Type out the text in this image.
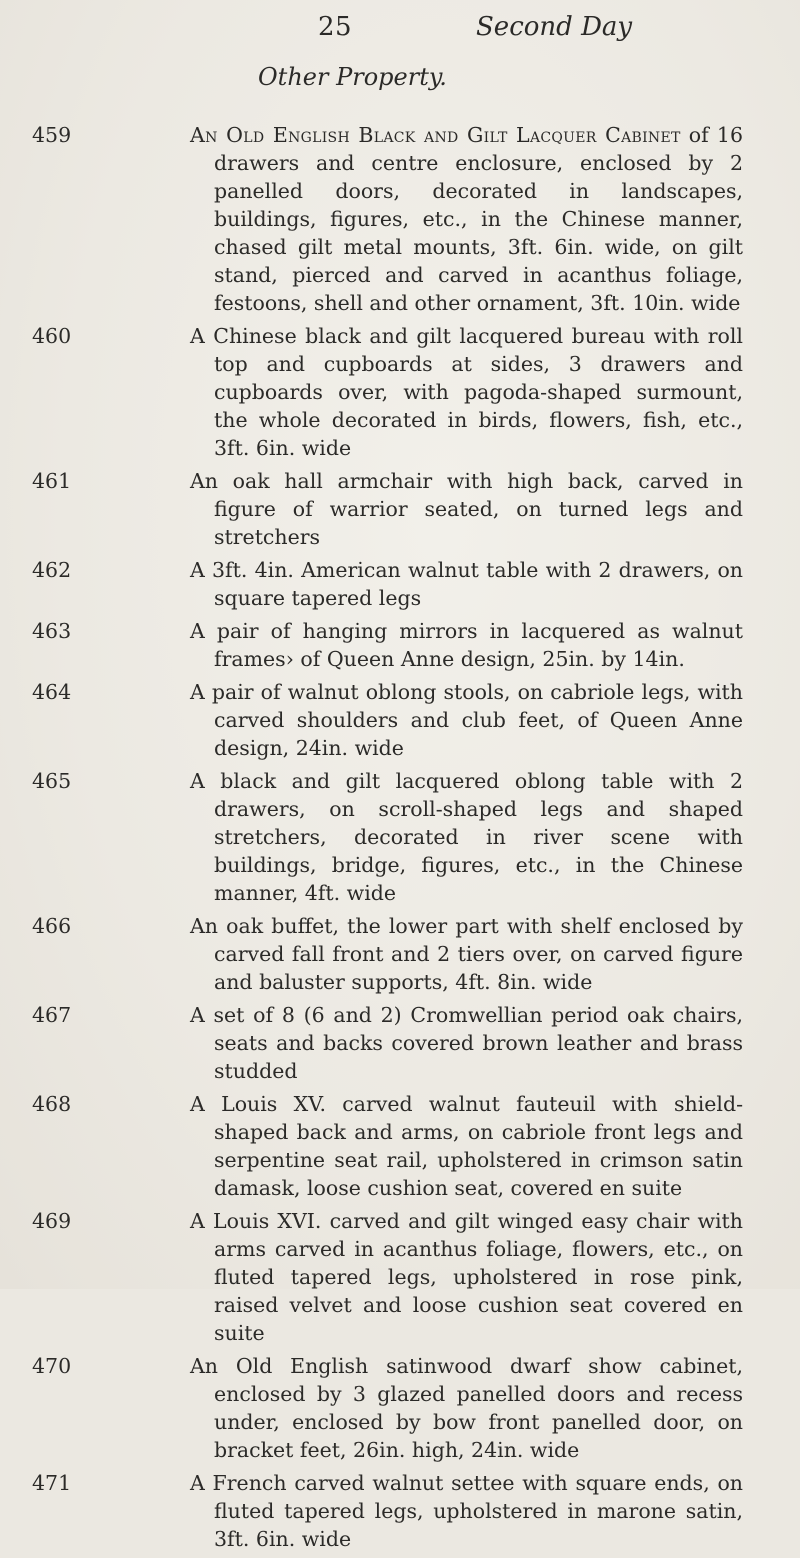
25	Second Day
Other Property.
459	An Old English Black and Gilt Lacquer Cabinet of 16 drawers and centre enclosure, enclosed by 2 panelled doors, decorated in landscapes, buildings, figures, etc., in the Chinese manner, chased gilt metal mounts, 3ft. 6in. wide, on gilt stand, pierced and carved in acanthus foliage, festoons, shell and other ornament, 3ft. 10in. wide
460	A Chinese black and gilt lacquered bureau with roll top and cupboards at sides, 3 drawers and cupboards over, with pagoda-shaped surmount, the whole decorated in birds, flowers, fish, etc., 3ft. 6in. wide
461	An oak hall armchair with high back, carved in figure of warrior seated, on turned legs and stretchers
462	A 3ft. 4in. American walnut table with 2 drawers, on square tapered legs
463	A pair of hanging mirrors in lacquered as walnut frames› of Queen Anne design, 25in. by 14in.
464	A pair of walnut oblong stools, on cabriole legs, with carved shoulders and club feet, of Queen Anne design, 24in. wide
465	A black and gilt lacquered oblong table with 2 drawers, on scroll-shaped legs and shaped stretchers, decorated in river scene with buildings, bridge, figures, etc., in the Chinese manner, 4ft. wide
466	An oak buffet, the lower part with shelf enclosed by carved fall front and 2 tiers over, on carved figure and baluster supports, 4ft. 8in. wide
467	A set of 8 (6 and 2) Cromwellian period oak chairs, seats and backs covered brown leather and brass studded
468	A Louis XV. carved walnut fauteuil with shield-shaped back and arms, on cabriole front legs and serpentine seat rail, upholstered in crimson satin damask, loose cushion seat, covered en suite
469	A Louis XVI. carved and gilt winged easy chair with arms carved in acanthus foliage, flowers, etc., on fluted tapered legs, upholstered in rose pink, raised velvet and loose cushion seat covered en suite
470	An Old English satinwood dwarf show cabinet, enclosed by 3 glazed panelled doors and recess under, enclosed by bow front panelled door, on bracket feet, 26in. high, 24in. wide
471	A French carved walnut settee with square ends, on fluted tapered legs, upholstered in marone satin, 3ft. 6in. wide
